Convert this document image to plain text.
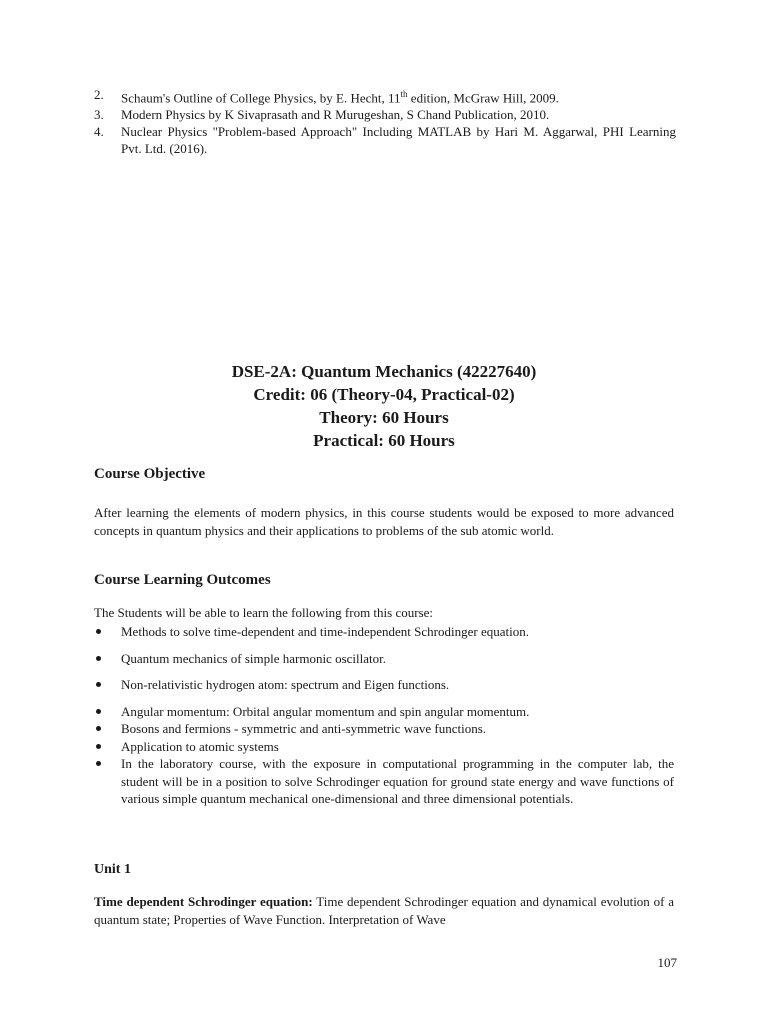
2. Schaum's Outline of College Physics, by E. Hecht, 11th edition, McGraw Hill, 2009.
3. Modern Physics by K Sivaprasath and R Murugeshan, S Chand Publication, 2010.
4. Nuclear Physics "Problem-based Approach" Including MATLAB by Hari M. Aggarwal, PHI Learning Pvt. Ltd. (2016).
DSE-2A: Quantum Mechanics (42227640)
Credit: 06 (Theory-04, Practical-02)
Theory: 60 Hours
Practical: 60 Hours
Course Objective

After learning the elements of modern physics, in this course students would be exposed to more advanced concepts in quantum physics and their applications to problems of the sub atomic world.

Course Learning Outcomes

The Students will be able to learn the following from this course:

Methods to solve time-dependent and time-independent Schrodinger equation.
Quantum mechanics of simple harmonic oscillator.
Non-relativistic hydrogen atom: spectrum and Eigen functions.
Angular momentum: Orbital angular momentum and spin angular momentum.
Bosons and fermions - symmetric and anti-symmetric wave functions.
Application to atomic systems
In the laboratory course, with the exposure in computational programming in the computer lab, the student will be in a position to solve Schrodinger equation for ground state energy and wave functions of various simple quantum mechanical one-dimensional and three dimensional potentials.
Unit 1

Time dependent Schrodinger equation: Time dependent Schrodinger equation and dynamical evolution of a quantum state; Properties of Wave Function. Interpretation of Wave

107
